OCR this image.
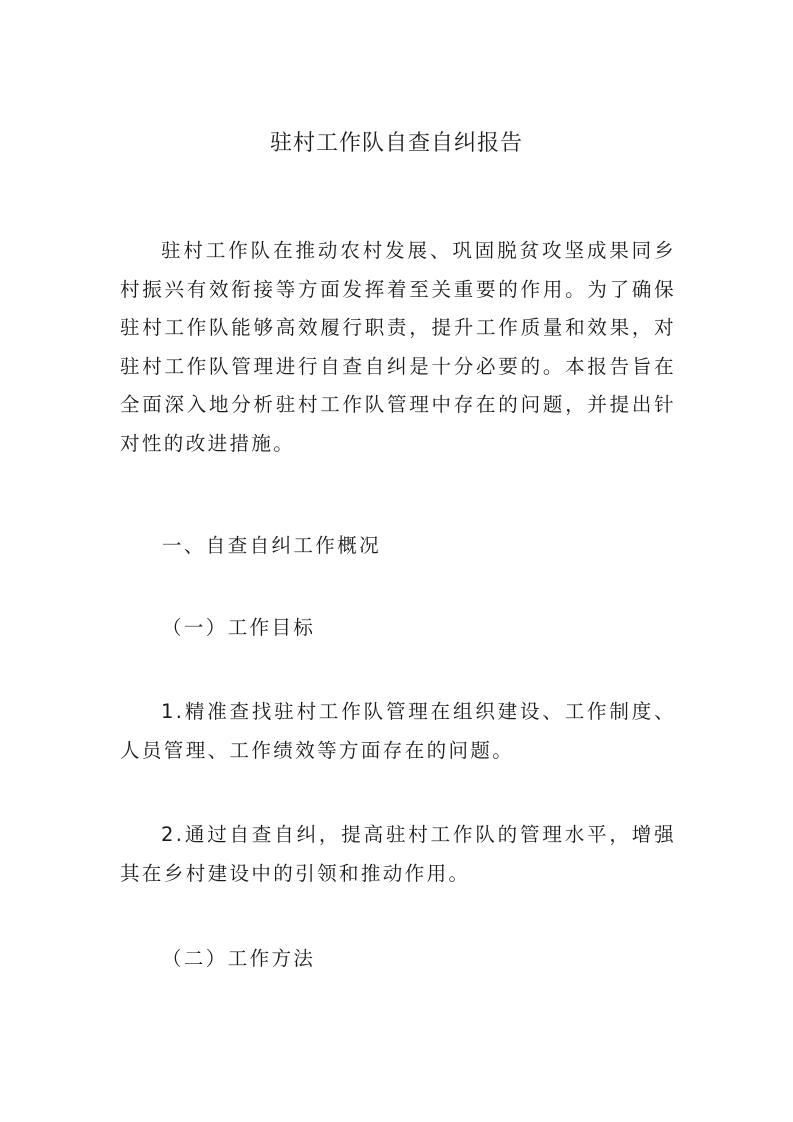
驻村工作队自查自纠报告

驻村工作队在推动农村发展、巩固脱贫攻坚成果同乡村振兴有效衔接等方面发挥着至关重要的作用。为了确保驻村工作队能够高效履行职责，提升工作质量和效果，对驻村工作队管理进行自查自纠是十分必要的。本报告旨在全面深入地分析驻村工作队管理中存在的问题，并提出针对性的改进措施。

一、自查自纠工作概况

（一）工作目标

1.精准查找驻村工作队管理在组织建设、工作制度、人员管理、工作绩效等方面存在的问题。

2.通过自查自纠，提高驻村工作队的管理水平，增强其在乡村建设中的引领和推动作用。

（二）工作方法
